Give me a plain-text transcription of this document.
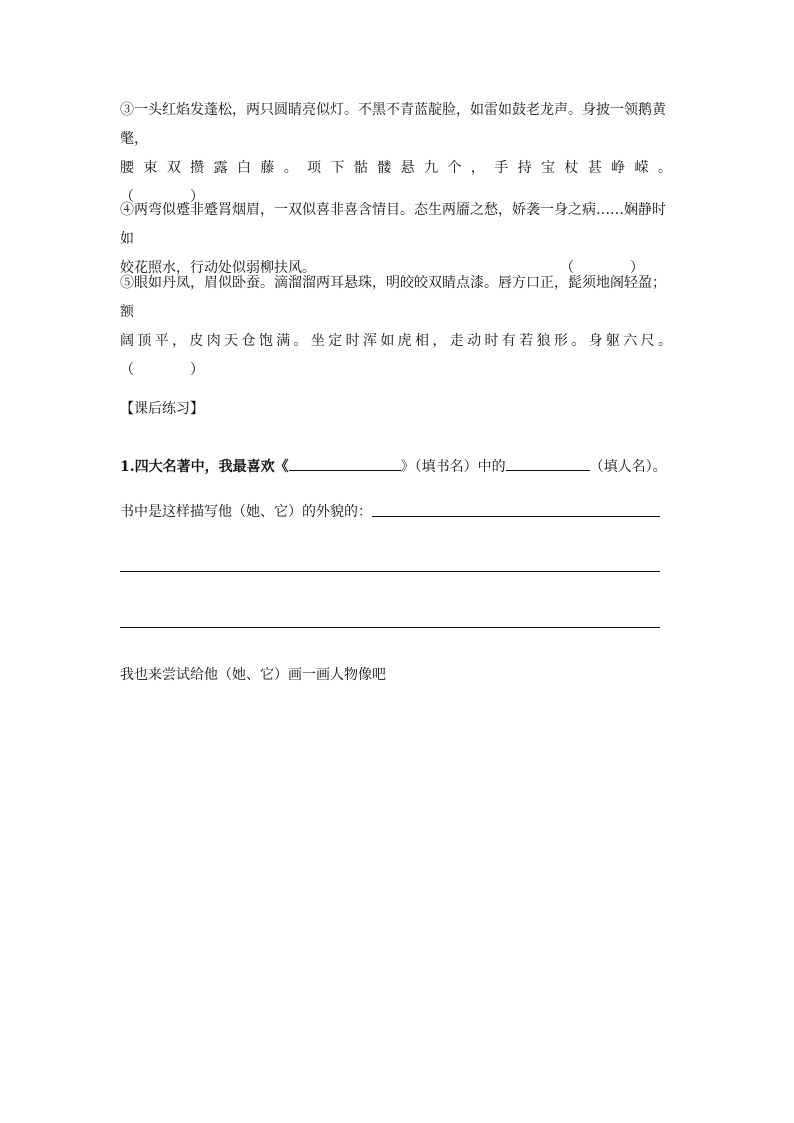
③一头红焰发蓬松，两只圆睛亮似灯。不黑不青蓝靛脸，如雷如鼓老龙声。身披一领鹅黄氅，

腰束双攒露白藤。项下骷髅悬九个，手持宝杖甚峥嵘。

（　　　　）

④两弯似蹙非蹙罥烟眉，一双似喜非喜含情目。态生两靥之愁，娇袭一身之病……娴静时如

姣花照水，行动处似弱柳扶风。	（　　　　）

⑤眼如丹凤，眉似卧蚕。滴溜溜两耳悬珠，明皎皎双睛点漆。唇方口正，髭须地阁轻盈；额

阔顶平，皮肉天仓饱满。坐定时浑如虎相，走动时有若狼形。身躯六尺。

（　　　　）

【课后练习】
1.四大名著中，我最喜欢《	》（填书名）中的	（填人名）。
书中是这样描写他（她、它）的外貌的：
我也来尝试给他（她、它）画一画人物像吧
